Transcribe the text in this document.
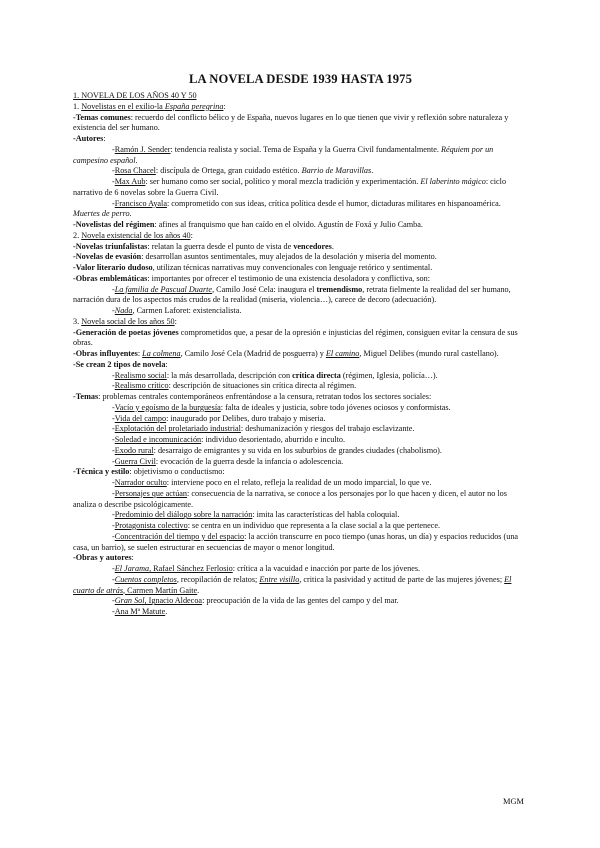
LA NOVELA DESDE 1939 HASTA 1975

1. NOVELA DE LOS AÑOS 40 Y 50

1. Novelistas en el exilio-la España peregrina:

-Temas comunes: recuerdo del conflicto bélico y de España, nuevos lugares en lo que tienen que vivir y reflexión sobre naturaleza y existencia del ser humano.

-Autores:

-Ramón J. Sender: tendencia realista y social. Tema de España y la Guerra Civil fundamentalmente. Réquiem por un campesino español.

-Rosa Chacel: discípula de Ortega, gran cuidado estético. Barrio de Maravillas.

-Max Aub: ser humano como ser social, político y moral mezcla tradición y experimentación. El laberinto mágico: ciclo narrativo de 6 novelas sobre la Guerra Civil.

-Francisco Ayala: comprometido con sus ideas, crítica política desde el humor, dictaduras militares en hispanoamérica. Muertes de perro.

-Novelistas del régimen: afines al franquismo que han caído en el olvido. Agustín de Foxá y Julio Camba.

2. Novela existencial de los años 40:

-Novelas triunfalistas: relatan la guerra desde el punto de vista de vencedores.

-Novelas de evasión: desarrollan asuntos sentimentales, muy alejados de la desolación y miseria del momento.

-Valor literario dudoso, utilizan técnicas narrativas muy convencionales con lenguaje retórico y sentimental.

-Obras emblemáticas: importantes por ofrecer el testimonio de una existencia desoladora y conflictiva, son:

-La familia de Pascual Duarte, Camilo José Cela: inaugura el tremendismo, retrata fielmente la realidad del ser humano, narración dura de los aspectos más crudos de la realidad (miseria, violencia…), carece de decoro (adecuación).

-Nada, Carmen Laforet: existencialista.

3. Novela social de los años 50:

-Generación de poetas jóvenes comprometidos que, a pesar de la opresión e injusticias del régimen, consiguen evitar la censura de sus obras.

-Obras influyentes: La colmena, Camilo José Cela (Madrid de posguerra) y El camino, Miguel Delibes (mundo rural castellano).

-Se crean 2 tipos de novela:

-Realismo social: la más desarrollada, descripción con crítica directa (régimen, Iglesia, policía…).

-Realismo crítico: descripción de situaciones sin crítica directa al régimen.

-Temas: problemas centrales contemporáneos enfrentándose a la censura, retratan todos los sectores sociales:

-Vacío y egoísmo de la burguesía: falta de ideales y justicia, sobre todo jóvenes ociosos y conformistas.

-Vida del campo: inaugurado por Delibes, duro trabajo y miseria.

-Explotación del proletariado industrial: deshumanización y riesgos del trabajo esclavizante.

-Soledad e incomunicación: individuo desorientado, aburrido e inculto.

-Exodo rural: desarraigo de emigrantes y su vida en los suburbios de grandes ciudades (chabolismo).

-Guerra Civil: evocación de la guerra desde la infancia o adolescencia.

-Técnica y estilo: objetivismo o conductismo:

-Narrador oculto: interviene poco en el relato, refleja la realidad de un modo imparcial, lo que ve.

-Personajes que actúan: consecuencia de la narrativa, se conoce a los personajes por lo que hacen y dicen, el autor no los analiza o describe psicológicamente.

-Predominio del diálogo sobre la narración: imita las características del habla coloquial.

-Protagonista colectivo: se centra en un individuo que representa a la clase social a la que pertenece.

-Concentración del tiempo y del espacio: la acción transcurre en poco tiempo (unas horas, un día) y espacios reducidos (una casa, un barrio), se suelen estructurar en secuencias de mayor o menor longitud.

-Obras y autores:

-El Jarama, Rafael Sánchez Ferlosio: crítica a la vacuidad e inacción por parte de los jóvenes.

-Cuentos completos, recopilación de relatos; Entre visillo, critica la pasividad y actitud de parte de las mujeres jóvenes; El cuarto de atrás, Carmen Martín Gaite.

-Gran Sol, Ignacio Aldecoa: preocupación de la vida de las gentes del campo y del mar.

-Ana Mª Matute.

MGM
